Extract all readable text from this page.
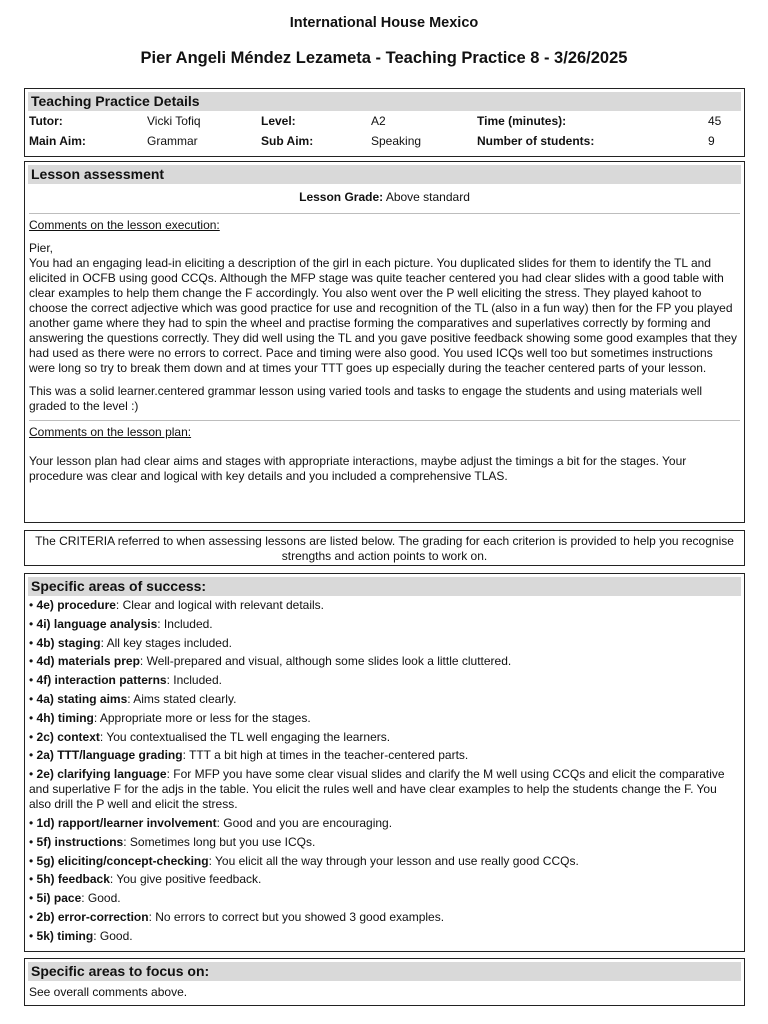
International House Mexico
Pier Angeli Méndez Lezameta - Teaching Practice 8 - 3/26/2025
Teaching Practice Details
Tutor:	Vicki Tofiq	Level:	A2	Time (minutes):	45
Main Aim:	Grammar	Sub Aim:	Speaking	Number of students:	9
Lesson assessment
Lesson Grade: Above standard
Comments on the lesson execution:
Pier,
You had an engaging lead-in eliciting a description of the girl in each picture. You duplicated slides for them to identify the TL and elicited in OCFB using good CCQs. Although the MFP stage was quite teacher centered you had clear slides with a good table with clear examples to help them change the F accordingly. You also went over the P well eliciting the stress. They played kahoot to choose the correct adjective which was good practice for use and recognition of the TL (also in a fun way) then for the FP you played another game where they had to spin the wheel and practise forming the comparatives and superlatives correctly by forming and answering the questions correctly. They did well using the TL and you gave positive feedback showing some good examples that they had used as there were no errors to correct. Pace and timing were also good. You used ICQs well too but sometimes instructions were long so try to break them down and at times your TTT goes up especially during the teacher centered parts of your lesson.
This was a solid learner.centered grammar lesson using varied tools and tasks to engage the students and using materials well graded to the level :)
Comments on the lesson plan:
Your lesson plan had clear aims and stages with appropriate interactions, maybe adjust the timings a bit for the stages. Your procedure was clear and logical with key details and you included a comprehensive TLAS.
The CRITERIA referred to when assessing lessons are listed below. The grading for each criterion is provided to help you recognise strengths and action points to work on.
Specific areas of success:
• 4e) procedure: Clear and logical with relevant details.
• 4i) language analysis: Included.
• 4b) staging: All key stages included.
• 4d) materials prep: Well-prepared and visual, although some slides look a little cluttered.
• 4f) interaction patterns: Included.
• 4a) stating aims: Aims stated clearly.
• 4h) timing: Appropriate more or less for the stages.
• 2c) context: You contextualised the TL well engaging the learners.
• 2a) TTT/language grading: TTT a bit high at times in the teacher-centered parts.
• 2e) clarifying language: For MFP you have some clear visual slides and clarify the M well using CCQs and elicit the comparative and superlative F for the adjs in the table. You elicit the rules well and have clear examples to help the students change the F. You also drill the P well and elicit the stress.
• 1d) rapport/learner involvement: Good and you are encouraging.
• 5f) instructions: Sometimes long but you use ICQs.
• 5g) eliciting/concept-checking: You elicit all the way through your lesson and use really good CCQs.
• 5h) feedback: You give positive feedback.
• 5i) pace: Good.
• 2b) error-correction: No errors to correct but you showed 3 good examples.
• 5k) timing: Good.
Specific areas to focus on:
See overall comments above.
